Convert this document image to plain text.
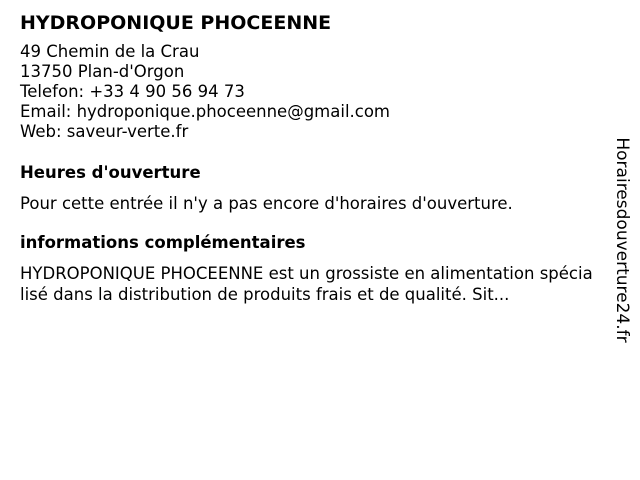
HYDROPONIQUE PHOCEENNE
49 Chemin de la Crau
13750 Plan-d'Orgon
Telefon: +33 4 90 56 94 73
Email: hydroponique.phoceenne@gmail.com
Web: saveur-verte.fr
Heures d'ouverture
Pour cette entrée il n'y a pas encore d'horaires d'ouverture.
informations complémentaires
HYDROPONIQUE PHOCEENNE est un grossiste en alimentation spécialisé dans la distribution de produits frais et de qualité. Sit...	Horairesdouverture24.fr
